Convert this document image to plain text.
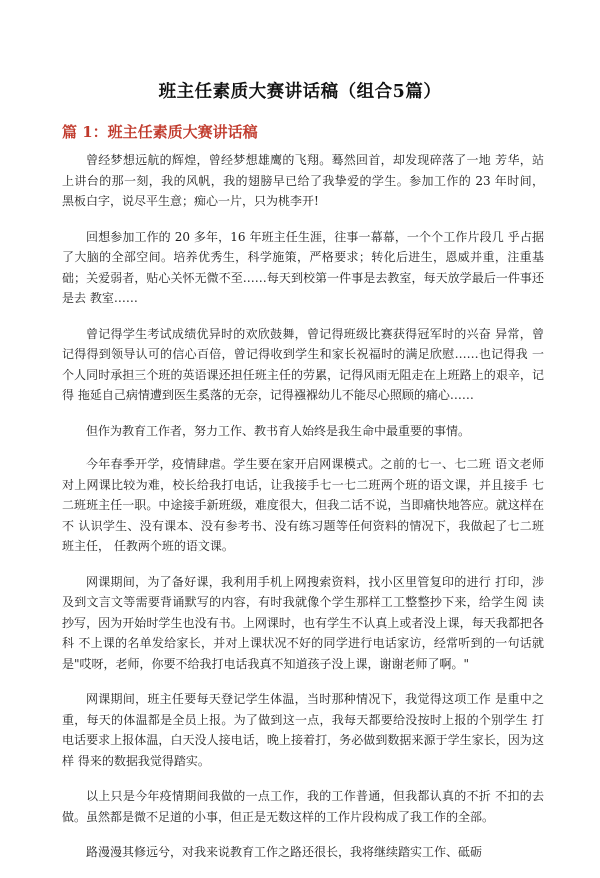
班主任素质大赛讲话稿（组合5篇）
篇 1：班主任素质大赛讲话稿

曾经梦想远航的辉煌，曾经梦想雄鹰的飞翔。蓦然回首，却发现碎落了一地 芳华，站上讲台的那一刻，我的风帆，我的翅膀早已给了我挚爱的学生。参加工作的 23 年时间， 黑板白字，说尽平生意；痴心一片，只为桃李开!

回想参加工作的 20 多年，16 年班主任生涯，往事一幕幕，一个个工作片段几 乎占据了大脑的全部空间。培养优秀生，科学施策，严格要求；转化后进生，恩威并重，注重基 础；关爱弱者，贴心关怀无微不至……每天到校第一件事是去教室，每天放学最后一件事还是去 教室……

曾记得学生考试成绩优异时的欢欣鼓舞，曾记得班级比赛获得冠军时的兴奋 异常，曾记得得到领导认可的信心百倍，曾记得收到学生和家长祝福时的满足欣慰……也记得我 一个人同时承担三个班的英语课还担任班主任的劳累，记得风雨无阻走在上班路上的艰辛，记得 拖延自己病情遭到医生奚落的无奈，记得襁褓幼儿不能尽心照顾的痛心……

但作为教育工作者，努力工作、教书育人始终是我生命中最重要的事情。

今年春季开学，疫情肆虐。学生要在家开启网课模式。之前的七一、七二班 语文老师对上网课比较为难，校长给我打电话，让我接手七一七二班两个班的语文课，并且接手 七二班班主任一职。中途接手新班级，难度很大，但我二话不说，当即痛快地答应。就这样在不 认识学生、没有课本、没有参考书、没有练习题等任何资料的情况下，我做起了七二班班主任， 任教两个班的语文课。

网课期间，为了备好课，我利用手机上网搜索资料，找小区里管复印的进行 打印，涉及到文言文等需要背诵默写的内容，有时我就像个学生那样工工整整抄下来，给学生阅 读抄写，因为开始时学生也没有书。上网课时，也有学生不认真上或者没上课，每天我都把各科 不上课的名单发给家长，并对上课状况不好的同学进行电话家访，经常听到的一句话就是"哎呀，老师，你要不给我打电话我真不知道孩子没上课，谢谢老师了啊。"

网课期间，班主任要每天登记学生体温，当时那种情况下，我觉得这项工作 是重中之重，每天的体温都是全员上报。为了做到这一点，我每天都要给没按时上报的个别学生 打电话要求上报体温，白天没人接电话，晚上接着打，务必做到数据来源于学生家长，因为这样 得来的数据我觉得踏实。

以上只是今年疫情期间我做的一点工作，我的工作普通，但我都认真的不折 不扣的去做。虽然都是微不足道的小事，但正是无数这样的工作片段构成了我工作的全部。

路漫漫其修远兮，对我来说教育工作之路还很长，我将继续踏实工作、砥砺
